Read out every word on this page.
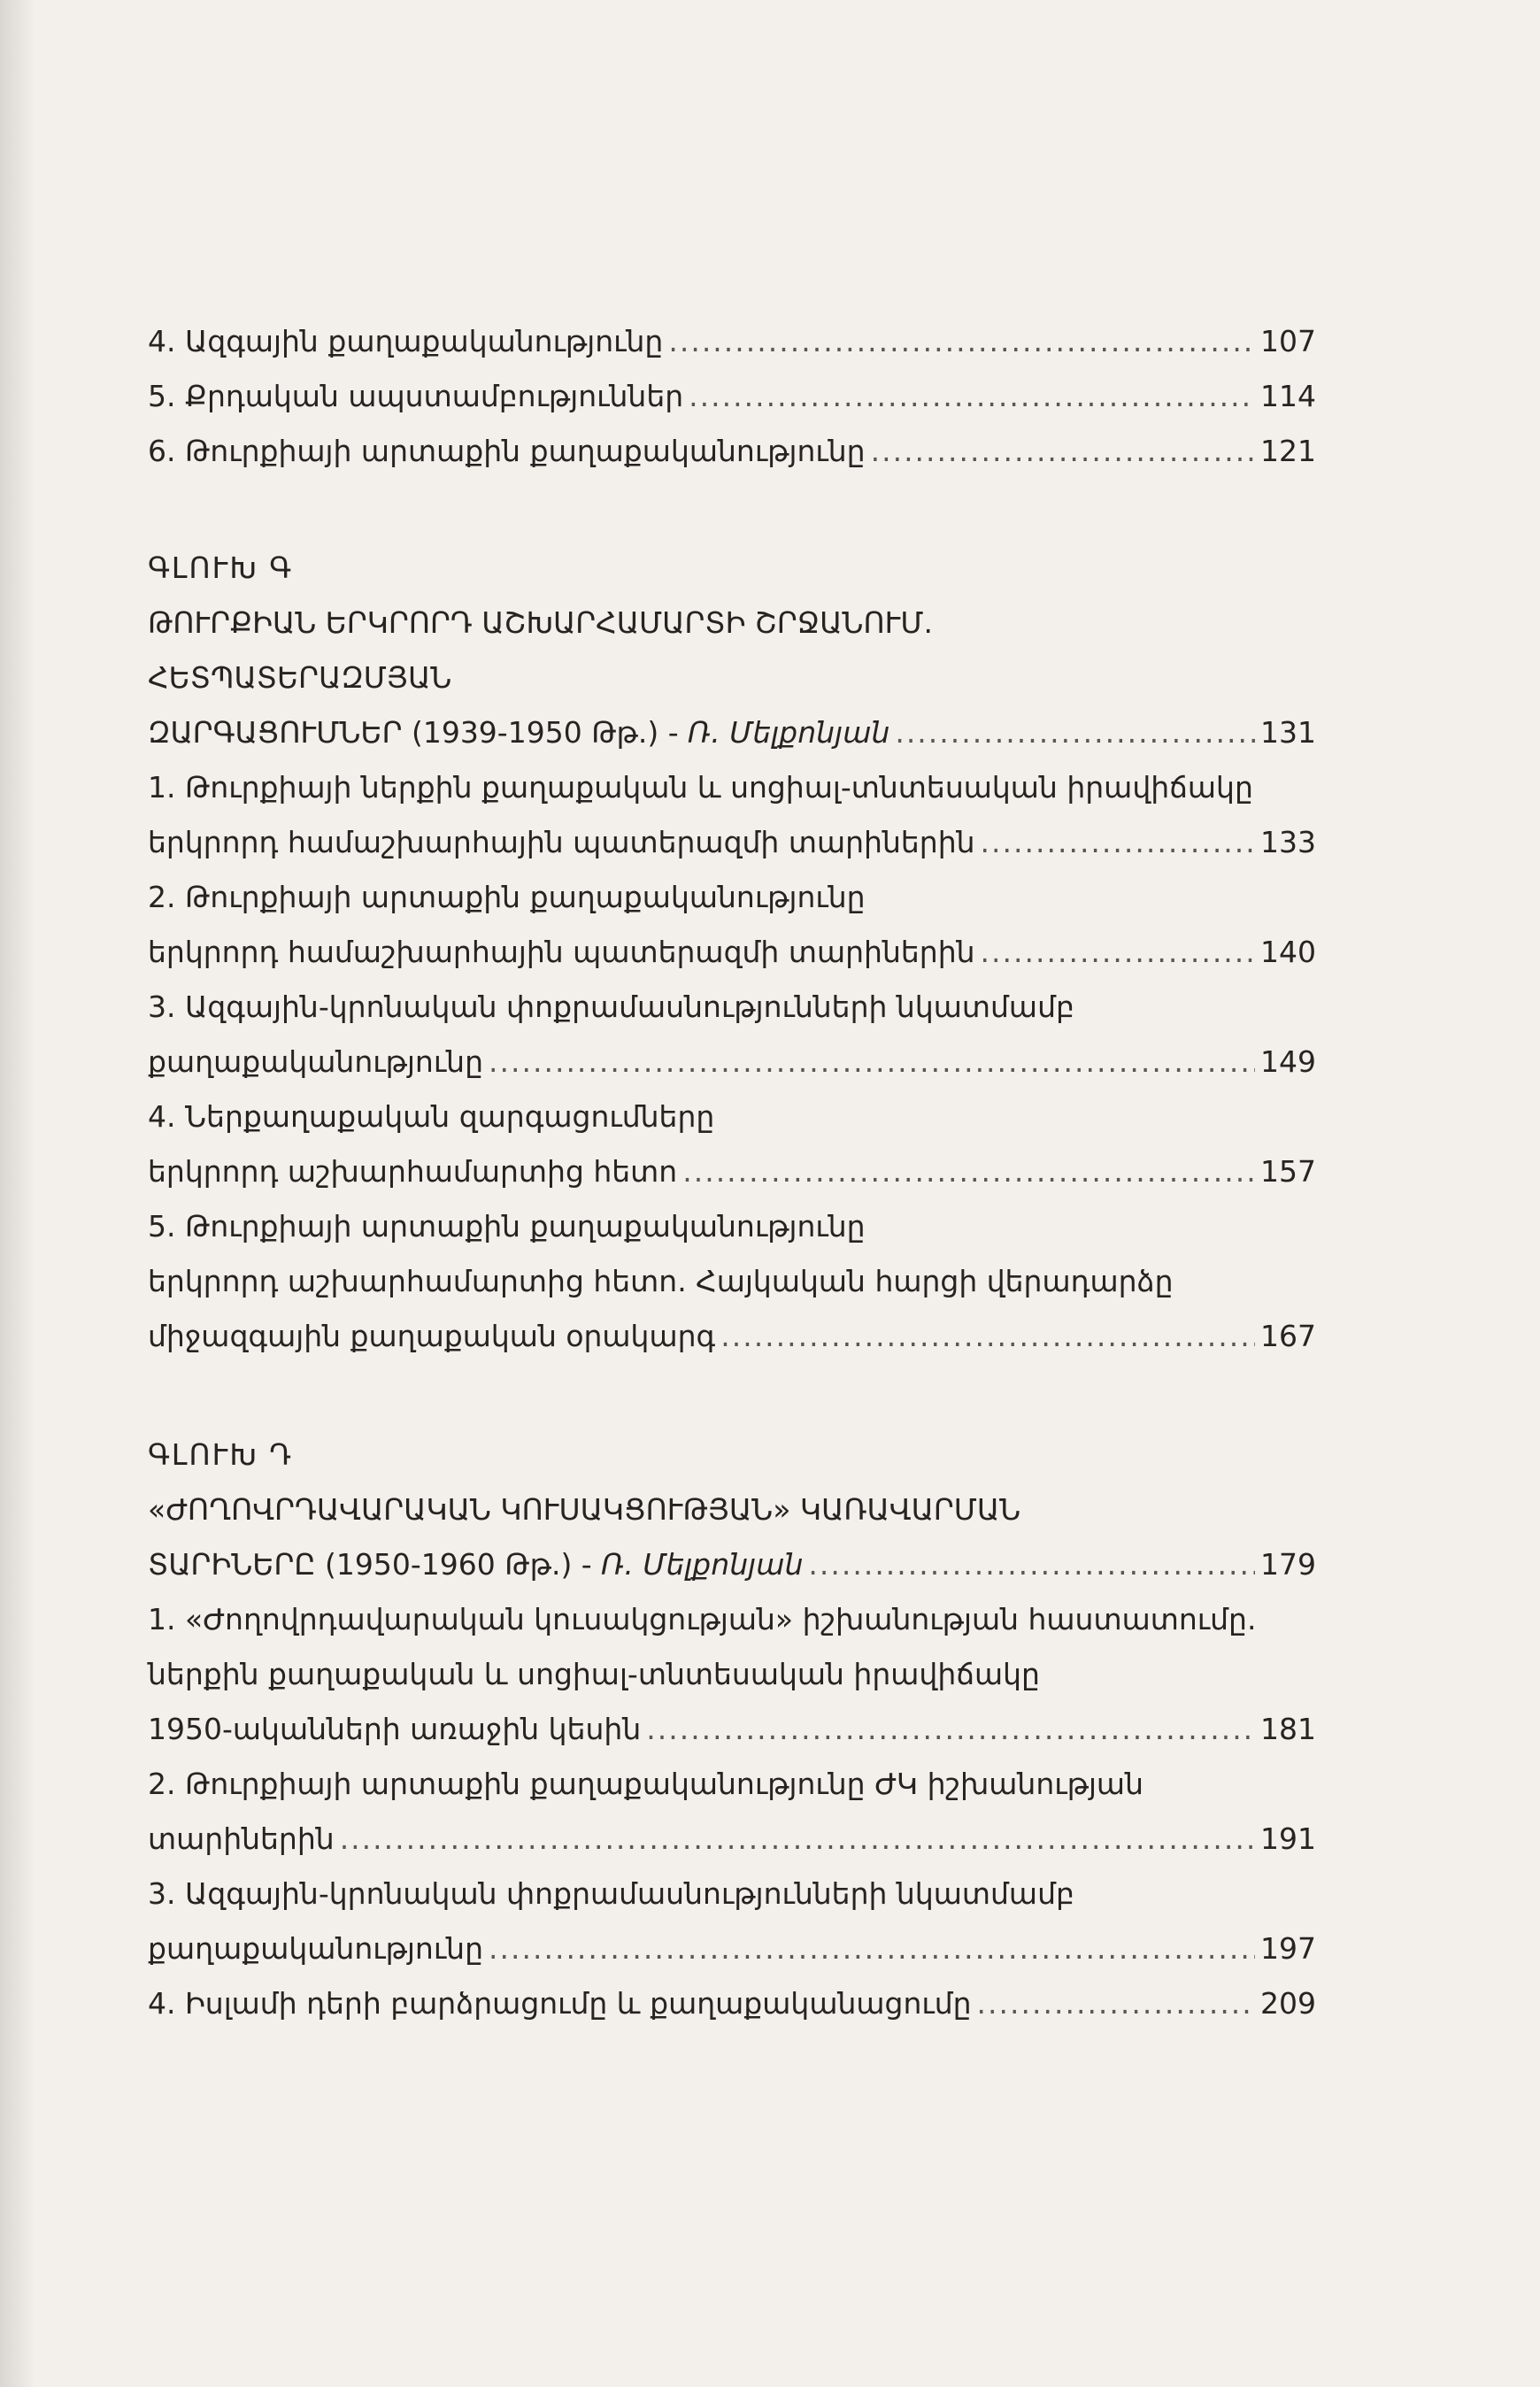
4. Ազգային քաղաքականությունը .....	107
5. Քրդական ապստամբություններ .....	114
6. Թուրքիայի արտաքին քաղաքականությունը .....	121
ԳԼՈՒԽ Գ
ԹՈՒՐՔԻԱՆ ԵՐԿՐՈՐԴ ԱՇԽԱՐՀԱՄԱՐՏԻ ՇՐՋԱՆՈՒՄ.
ՀԵՏՊԱՏԵՐԱԶՄՅԱՆ
ԶԱՐԳԱՑՈՒՄՆԵՐ (1939-1950 Թթ.) - Ռ. Մելքոնյան .....	131
1. Թուրքիայի ներքին քաղաքական և սոցիալ-տնտեսական իրավիճակը
երկրորդ համաշխարհային պատերազմի տարիներին .....	133
2. Թուրքիայի արտաքին քաղաքականությունը
երկրորդ համաշխարհային պատերազմի տարիներին .....	140
3. Ազգային-կրոնական փոքրամասնությունների նկատմամբ
քաղաքականությունը .....	149
4. Ներքաղաքական զարգացումները
երկրորդ աշխարհամարտից հետո .....	157
5. Թուրքիայի արտաքին քաղաքականությունը
երկրորդ աշխարհամարտից հետո. Հայկական հարցի վերադարձը
միջազգային քաղաքական օրակարգ .....	167
ԳԼՈՒԽ Դ
«ԺՈՂՈՎՐԴԱՎԱՐԱԿԱՆ ԿՈՒՍԱԿՑՈՒԹՅԱՆ» ԿԱՌԱՎԱՐՄԱՆ
ՏԱՐԻՆԵՐԸ (1950-1960 Թթ.) - Ռ. Մելքոնյան .....	179
1. «Ժողովրդավարական կուսակցության» իշխանության հաստատումը.
ներքին քաղաքական և սոցիալ-տնտեսական իրավիճակը
1950-ականների առաջին կեսին .....	181
2. Թուրքիայի արտաքին քաղաքականությունը ԺԿ իշխանության
տարիներին .....	191
3. Ազգային-կրոնական փոքրամասնությունների նկատմամբ
քաղաքականությունը .....	197
4. Իսլամի դերի բարձրացումը և քաղաքականացումը .....	209
